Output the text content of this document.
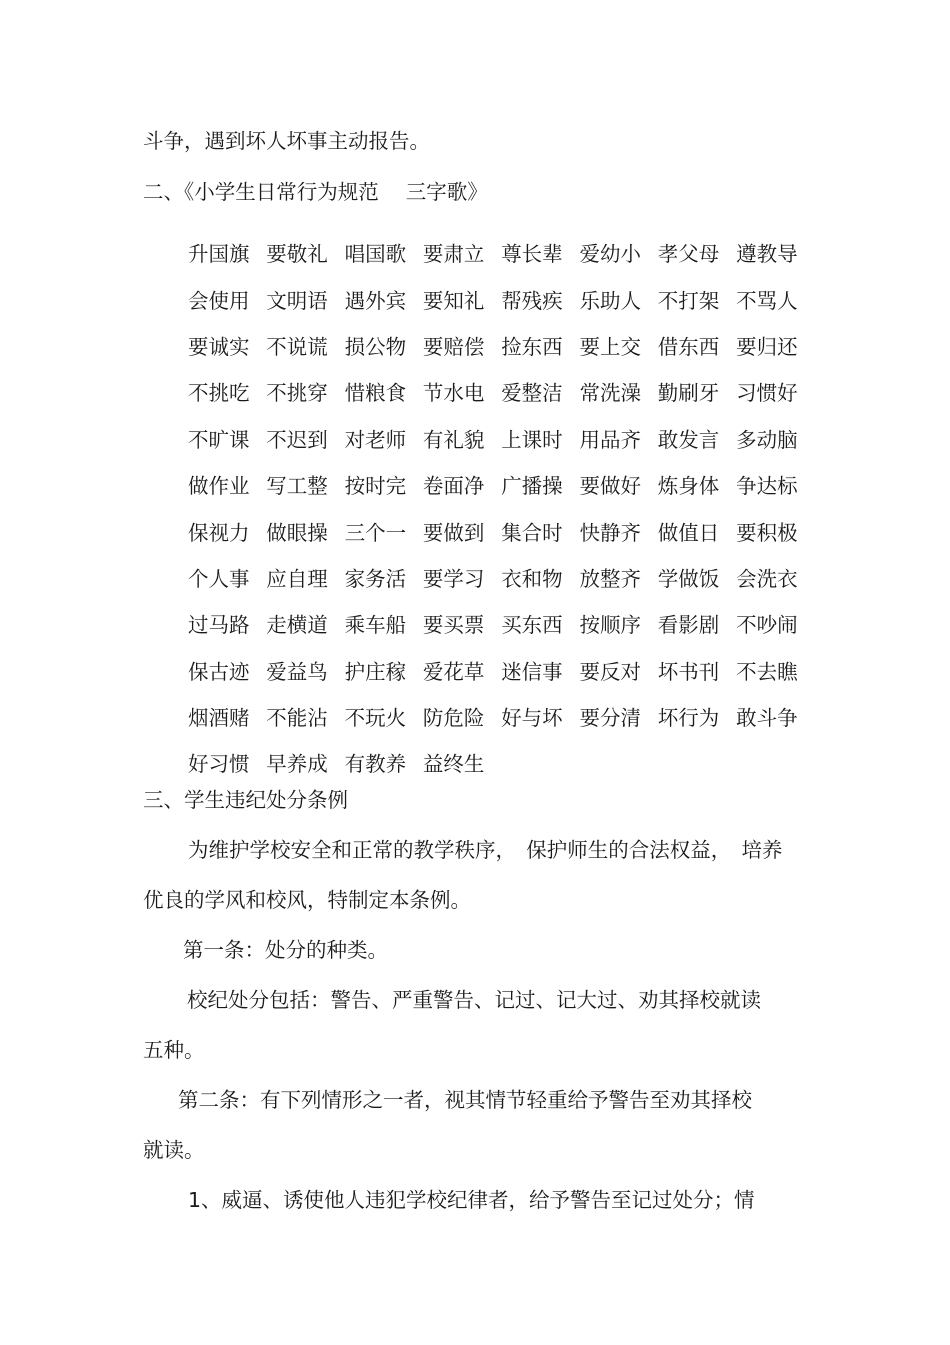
斗争，遇到坏人坏事主动报告。
二、《小学生日常行为规范　 三字歌》
升国旗 要敬礼 唱国歌 要肃立 尊长辈 爱幼小 孝父母 遵教导
会使用 文明语 遇外宾 要知礼 帮残疾 乐助人 不打架 不骂人
要诚实 不说谎 损公物 要赔偿 捡东西 要上交 借东西 要归还
不挑吃 不挑穿 惜粮食 节水电 爱整洁 常洗澡 勤刷牙 习惯好
不旷课 不迟到 对老师 有礼貌 上课时 用品齐 敢发言 多动脑
做作业 写工整 按时完 卷面净 广播操 要做好 炼身体 争达标
保视力 做眼操 三个一 要做到 集合时 快静齐 做值日 要积极
个人事 应自理 家务活 要学习 衣和物 放整齐 学做饭 会洗衣
过马路 走横道 乘车船 要买票 买东西 按顺序 看影剧 不吵闹
保古迹 爱益鸟 护庄稼 爱花草 迷信事 要反对 坏书刊 不去瞧
烟酒赌 不能沾 不玩火 防危险 好与坏 要分清 坏行为 敢斗争
好习惯 早养成 有教养 益终生
三、学生违纪处分条例
为维护学校安全和正常的教学秩序，　保护师生的合法权益，　培养
优良的学风和校风，特制定本条例。
第一条：处分的种类。
校纪处分包括：警告、严重警告、记过、记大过、劝其择校就读
五种。
第二条：有下列情形之一者，视其情节轻重给予警告至劝其择校
就读。
1、威逼、诱使他人违犯学校纪律者，给予警告至记过处分；情
